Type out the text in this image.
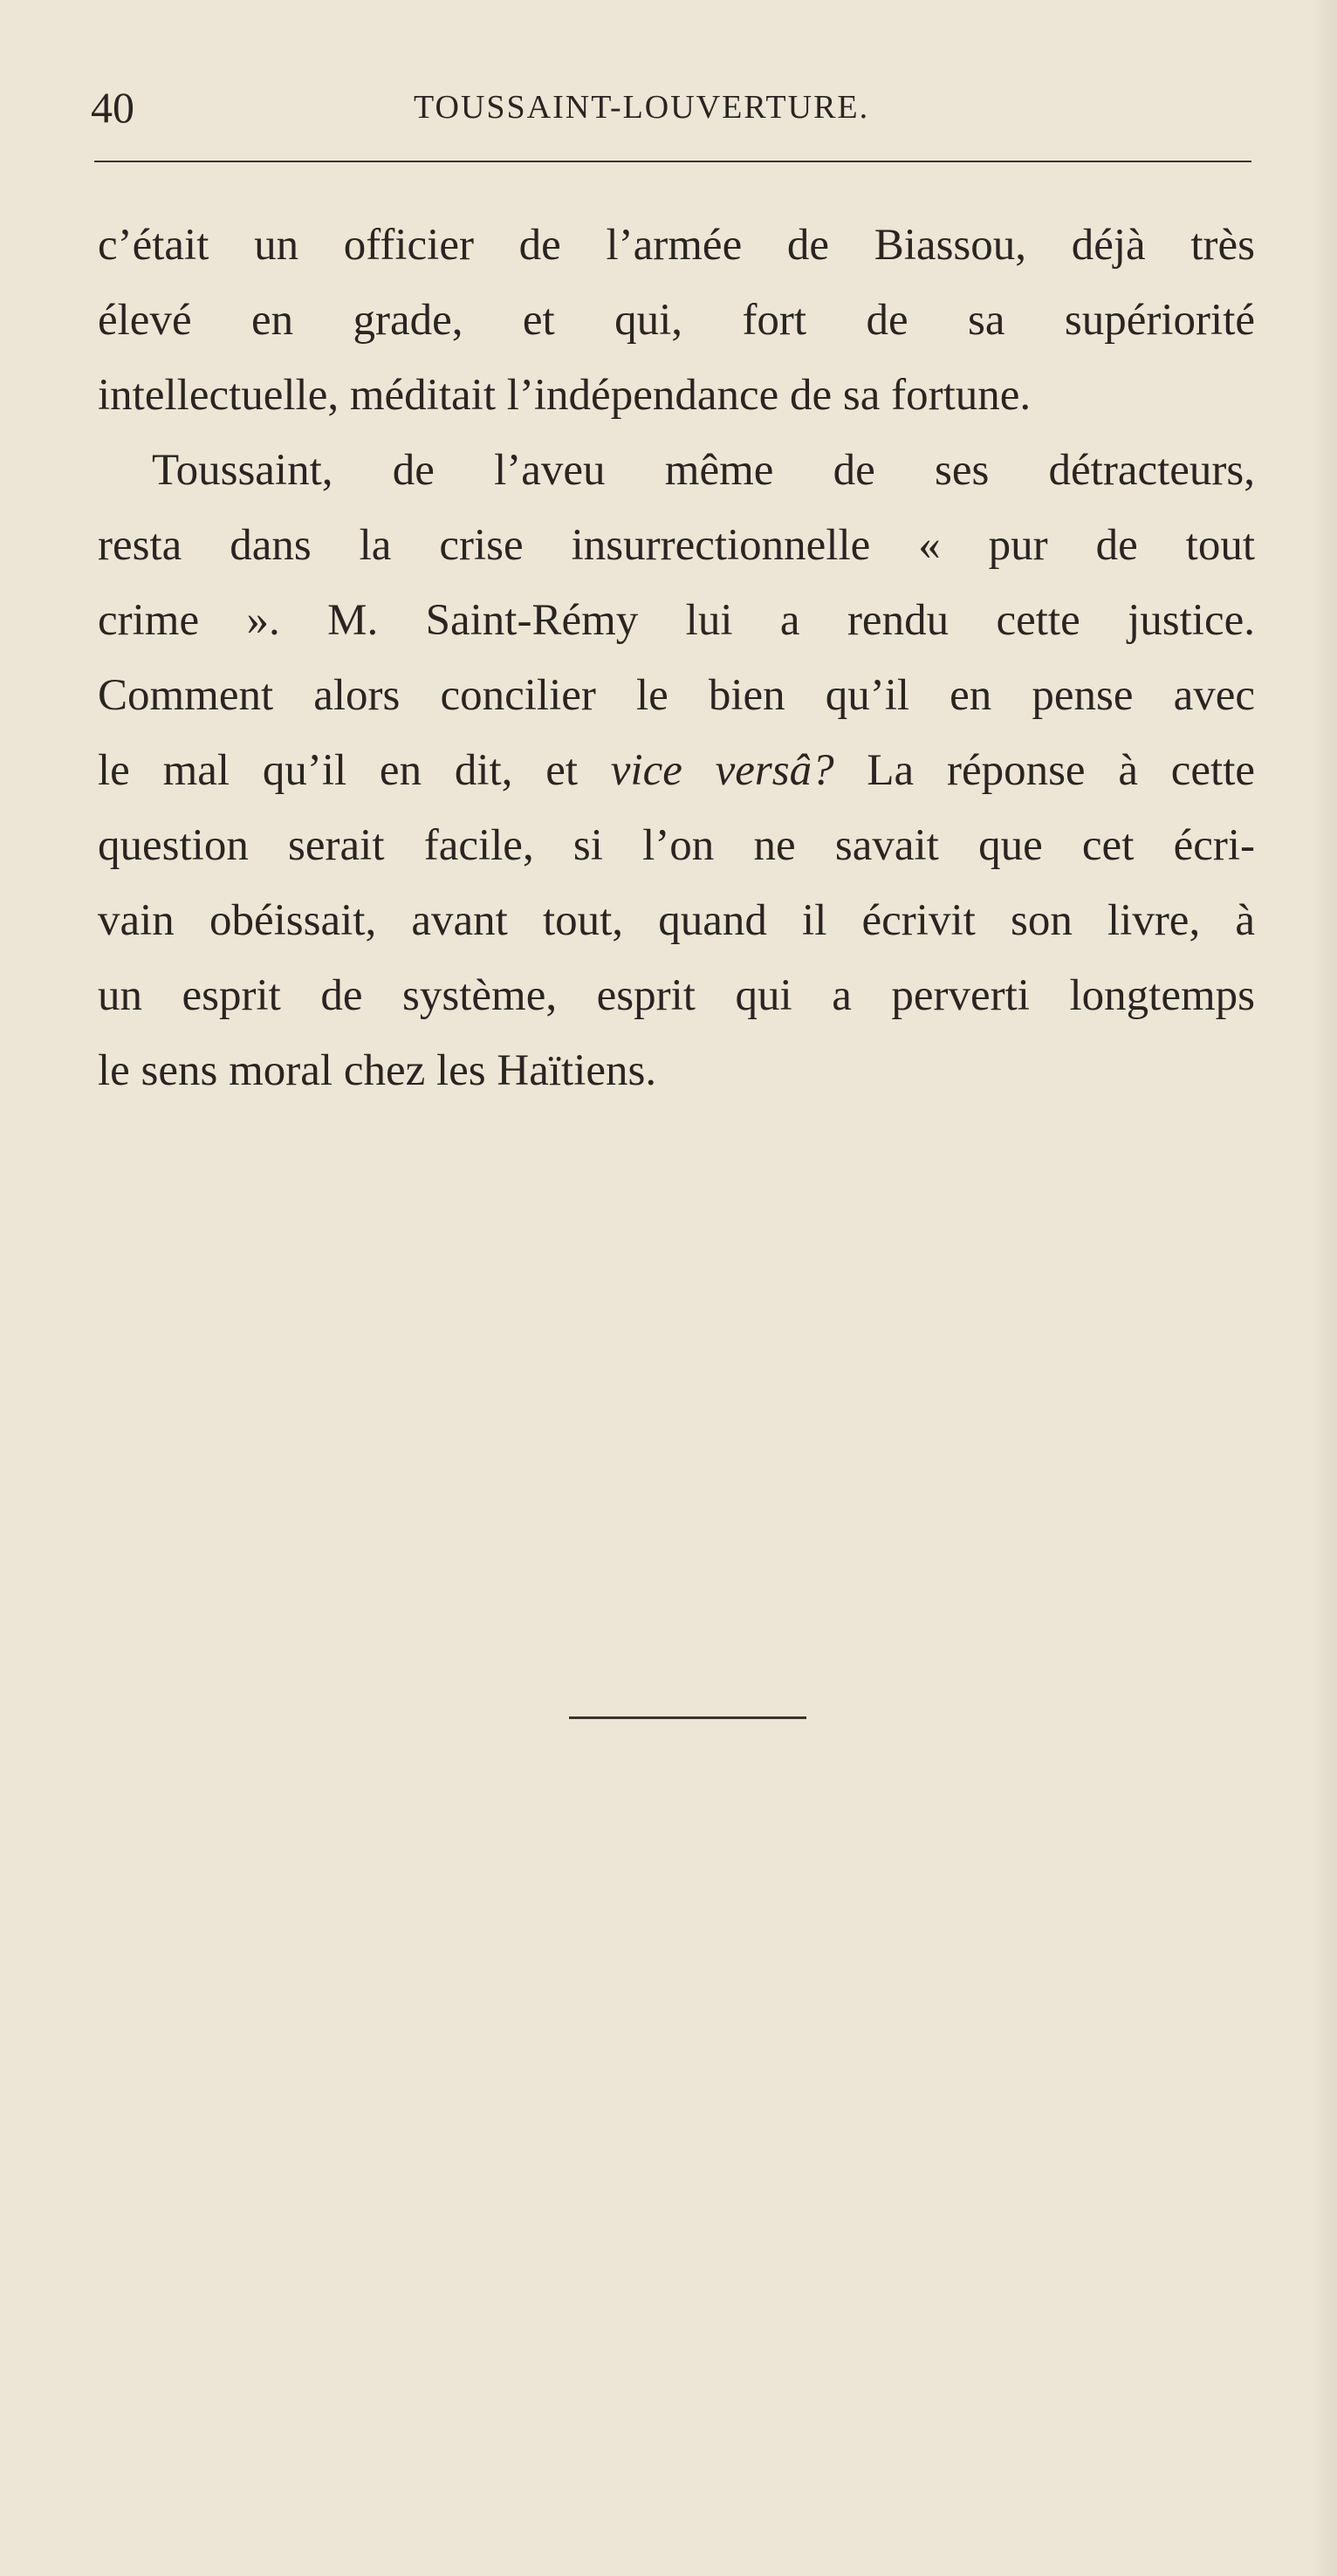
40	TOUSSAINT-LOUVERTURE.
c’était un officier de l’armée de Biassou, déjà très
élevé en grade, et qui, fort de sa supériorité
intellectuelle, méditait l’indépendance de sa fortune.
Toussaint, de l’aveu même de ses détracteurs,
resta dans la crise insurrectionnelle « pur de tout
crime ». M. Saint-Rémy lui a rendu cette justice.
Comment alors concilier le bien qu’il en pense avec
le mal qu’il en dit, et vice versâ? La réponse à cette
question serait facile, si l’on ne savait que cet écri-
vain obéissait, avant tout, quand il écrivit son livre, à
un esprit de système, esprit qui a perverti longtemps
le sens moral chez les Haïtiens.
